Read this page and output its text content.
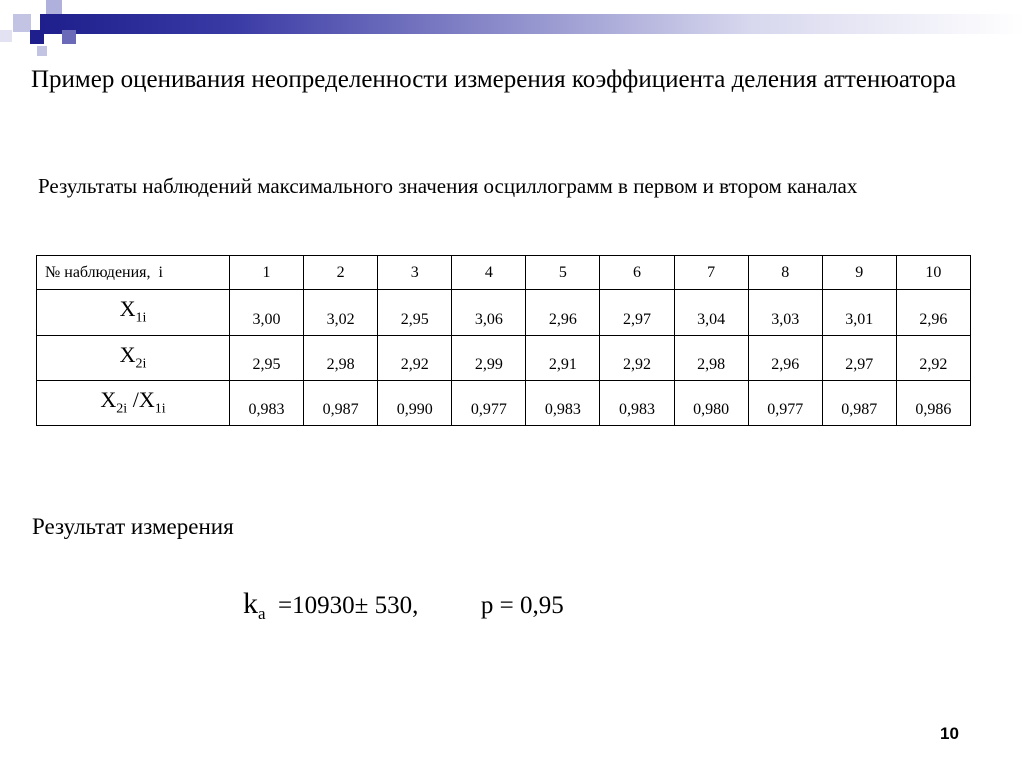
Пример оценивания неопределенности измерения коэффициента деления аттенюатора
Результаты наблюдений максимального значения осциллограмм в первом и втором каналах
№ наблюдения, i	1	2	3	4	5	6	7	8	9	10

$X_{1i}$	3,00	3,02	2,95	3,06	2,96	2,97	3,04	3,03	3,01	2,96

$X_{2i}$	2,95	2,98	2,92	2,99	2,91	2,92	2,98	2,96	2,97	2,92

$X_{2i}$ $/X_{1i}$	0,983	0,987	0,990	0,977	0,983	0,983	0,980	0,977	0,987	0,986
Результат измерения
$k_a =10930\pm 530$,	p = 0,95
10
